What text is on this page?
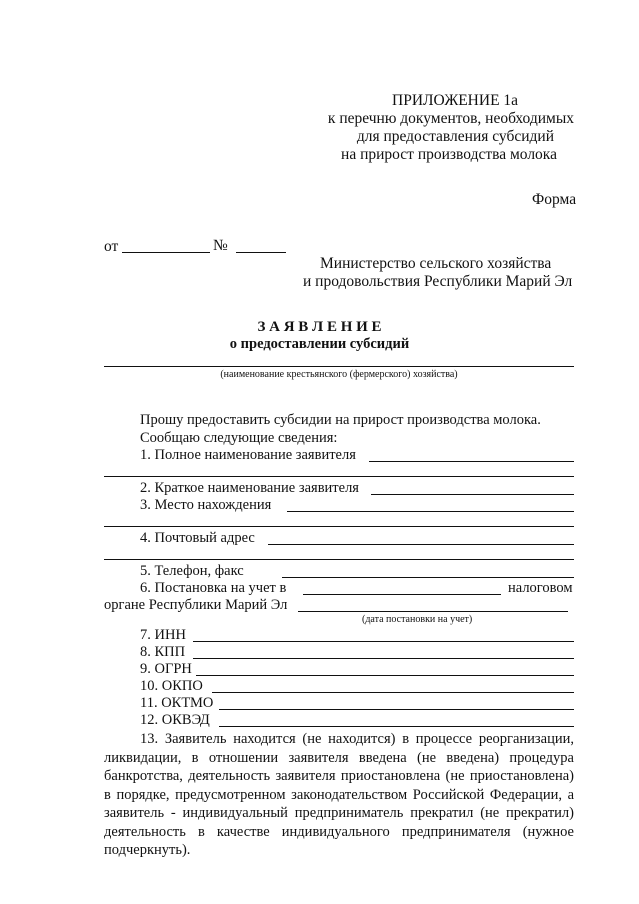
ПРИЛОЖЕНИЕ 1а
к перечню документов, необходимых
для предоставления субсидий
на прирост производства молока
Форма
от	№
Министерство сельского хозяйства
и продовольствия Республики Марий Эл
З А Я В Л Е Н И Е
о предоставлении субсидий
(наименование крестьянского (фермерского) хозяйства)
Прошу предоставить субсидии на прирост производства молока.
Сообщаю следующие сведения:
1. Полное наименование заявителя
2. Краткое наименование заявителя
3. Место нахождения
4. Почтовый адрес
5. Телефон, факс
6. Постановка на учет в	налоговом
органе Республики Марий Эл
(дата постановки на учет)
7. ИНН
8. КПП
9. ОГРН
10. ОКПО
11. ОКТМО
12. ОКВЭД
13. Заявитель находится (не находится) в процессе реорганизации, ликвидации, в отношении заявителя введена (не введена) процедура банкротства, деятельность заявителя приостановлена (не приостановлена) в порядке, предусмотренном законодательством Российской Федерации, а заявитель - индивидуальный предприниматель прекратил (не прекратил) деятельность в качестве индивидуального предпринимателя (нужное подчеркнуть).
